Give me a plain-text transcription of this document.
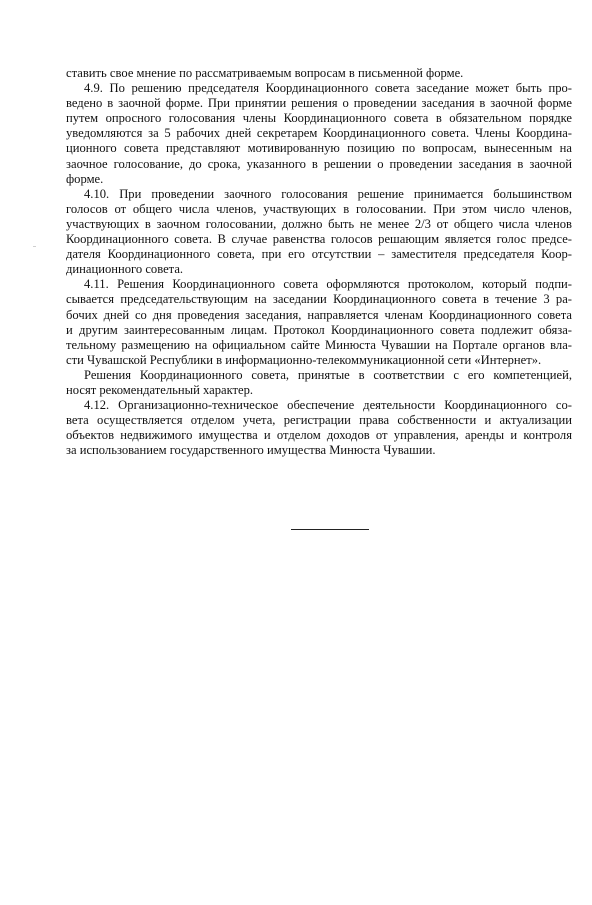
ставить свое мнение по рассматриваемым вопросам в письменной форме.
4.9. По решению председателя Координационного совета заседание может быть про-
ведено в заочной форме. При принятии решения о проведении заседания в заочной форме
путем опросного голосования члены Координационного совета в обязательном порядке
уведомляются за 5 рабочих дней секретарем Координационного совета. Члены Координа-
ционного совета представляют мотивированную позицию по вопросам, вынесенным на
заочное голосование, до срока, указанного в решении о проведении заседания в заочной
форме.
4.10. При проведении заочного голосования решение принимается большинством
голосов от общего числа членов, участвующих в голосовании. При этом число членов,
участвующих в заочном голосовании, должно быть не менее 2/3 от общего числа членов
Координационного совета. В случае равенства голосов решающим является голос предсе-
дателя Координационного совета, при его отсутствии – заместителя председателя Коор-
динационного совета.
4.11. Решения Координационного совета оформляются протоколом, который подпи-
сывается председательствующим на заседании Координационного совета в течение 3 ра-
бочих дней со дня проведения заседания, направляется членам Координационного совета
и другим заинтересованным лицам. Протокол Координационного совета подлежит обяза-
тельному размещению на официальном сайте Минюста Чувашии на Портале органов вла-
сти Чувашской Республики в информационно-телекоммуникационной сети «Интернет».
Решения Координационного совета, принятые в соответствии с его компетенцией,
носят рекомендательный характер.
4.12. Организационно-техническое обеспечение деятельности Координационного со-
вета осуществляется отделом учета, регистрации права собственности и актуализации
объектов недвижимого имущества и отделом доходов от управления, аренды и контроля
за использованием государственного имущества Минюста Чувашии.
